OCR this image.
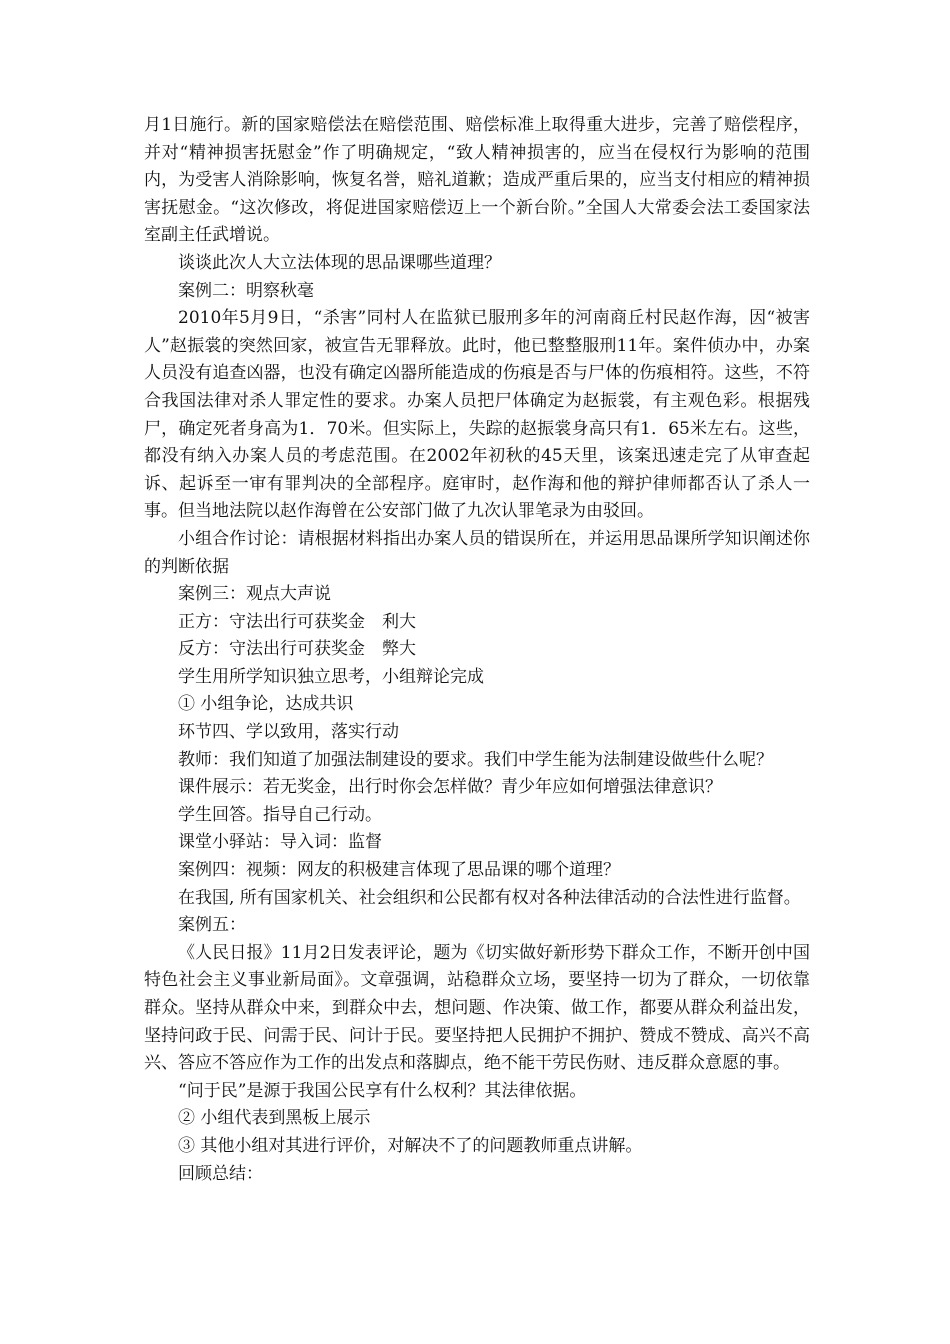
月1日施行。新的国家赔偿法在赔偿范围、赔偿标准上取得重大进步，完善了赔偿程序，并对“精神损害抚慰金”作了明确规定，“致人精神损害的，应当在侵权行为影响的范围内，为受害人消除影响，恢复名誉，赔礼道歉；造成严重后果的，应当支付相应的精神损害抚慰金。“这次修改，将促进国家赔偿迈上一个新台阶。”全国人大常委会法工委国家法室副主任武增说。

谈谈此次人大立法体现的思品课哪些道理？

案例二：明察秋毫

2010年5月9日，“杀害”同村人在监狱已服刑多年的河南商丘村民赵作海，因“被害人”赵振裳的突然回家，被宣告无罪释放。此时，他已整整服刑11年。案件侦办中，办案人员没有追查凶器，也没有确定凶器所能造成的伤痕是否与尸体的伤痕相符。这些，不符合我国法律对杀人罪定性的要求。办案人员把尸体确定为赵振裳，有主观色彩。根据残尸，确定死者身高为1．70米。但实际上，失踪的赵振裳身高只有1．65米左右。这些，都没有纳入办案人员的考虑范围。在2002年初秋的45天里，该案迅速走完了从审查起诉、起诉至一审有罪判决的全部程序。庭审时，赵作海和他的辩护律师都否认了杀人一事。但当地法院以赵作海曾在公安部门做了九次认罪笔录为由驳回。

小组合作讨论：请根据材料指出办案人员的错误所在，并运用思品课所学知识阐述你的判断依据

案例三：观点大声说

正方：守法出行可获奖金　利大

反方：守法出行可获奖金　弊大

学生用所学知识独立思考，小组辩论完成

① 小组争论，达成共识

环节四、学以致用，落实行动

教师：我们知道了加强法制建设的要求。我们中学生能为法制建设做些什么呢？

课件展示：若无奖金，出行时你会怎样做？青少年应如何增强法律意识？

学生回答。指导自己行动。

课堂小驿站：导入词：监督

案例四：视频：网友的积极建言体现了思品课的哪个道理？

在我国, 所有国家机关、社会组织和公民都有权对各种法律活动的合法性进行监督。

案例五：

《人民日报》11月2日发表评论，题为《切实做好新形势下群众工作，不断开创中国特色社会主义事业新局面》。文章强调，站稳群众立场，要坚持一切为了群众，一切依靠群众。坚持从群众中来，到群众中去，想问题、作决策、做工作，都要从群众利益出发，坚持问政于民、问需于民、问计于民。要坚持把人民拥护不拥护、赞成不赞成、高兴不高兴、答应不答应作为工作的出发点和落脚点，绝不能干劳民伤财、违反群众意愿的事。

“问于民”是源于我国公民享有什么权利？其法律依据。

② 小组代表到黑板上展示

③ 其他小组对其进行评价，对解决不了的问题教师重点讲解。

回顾总结：
